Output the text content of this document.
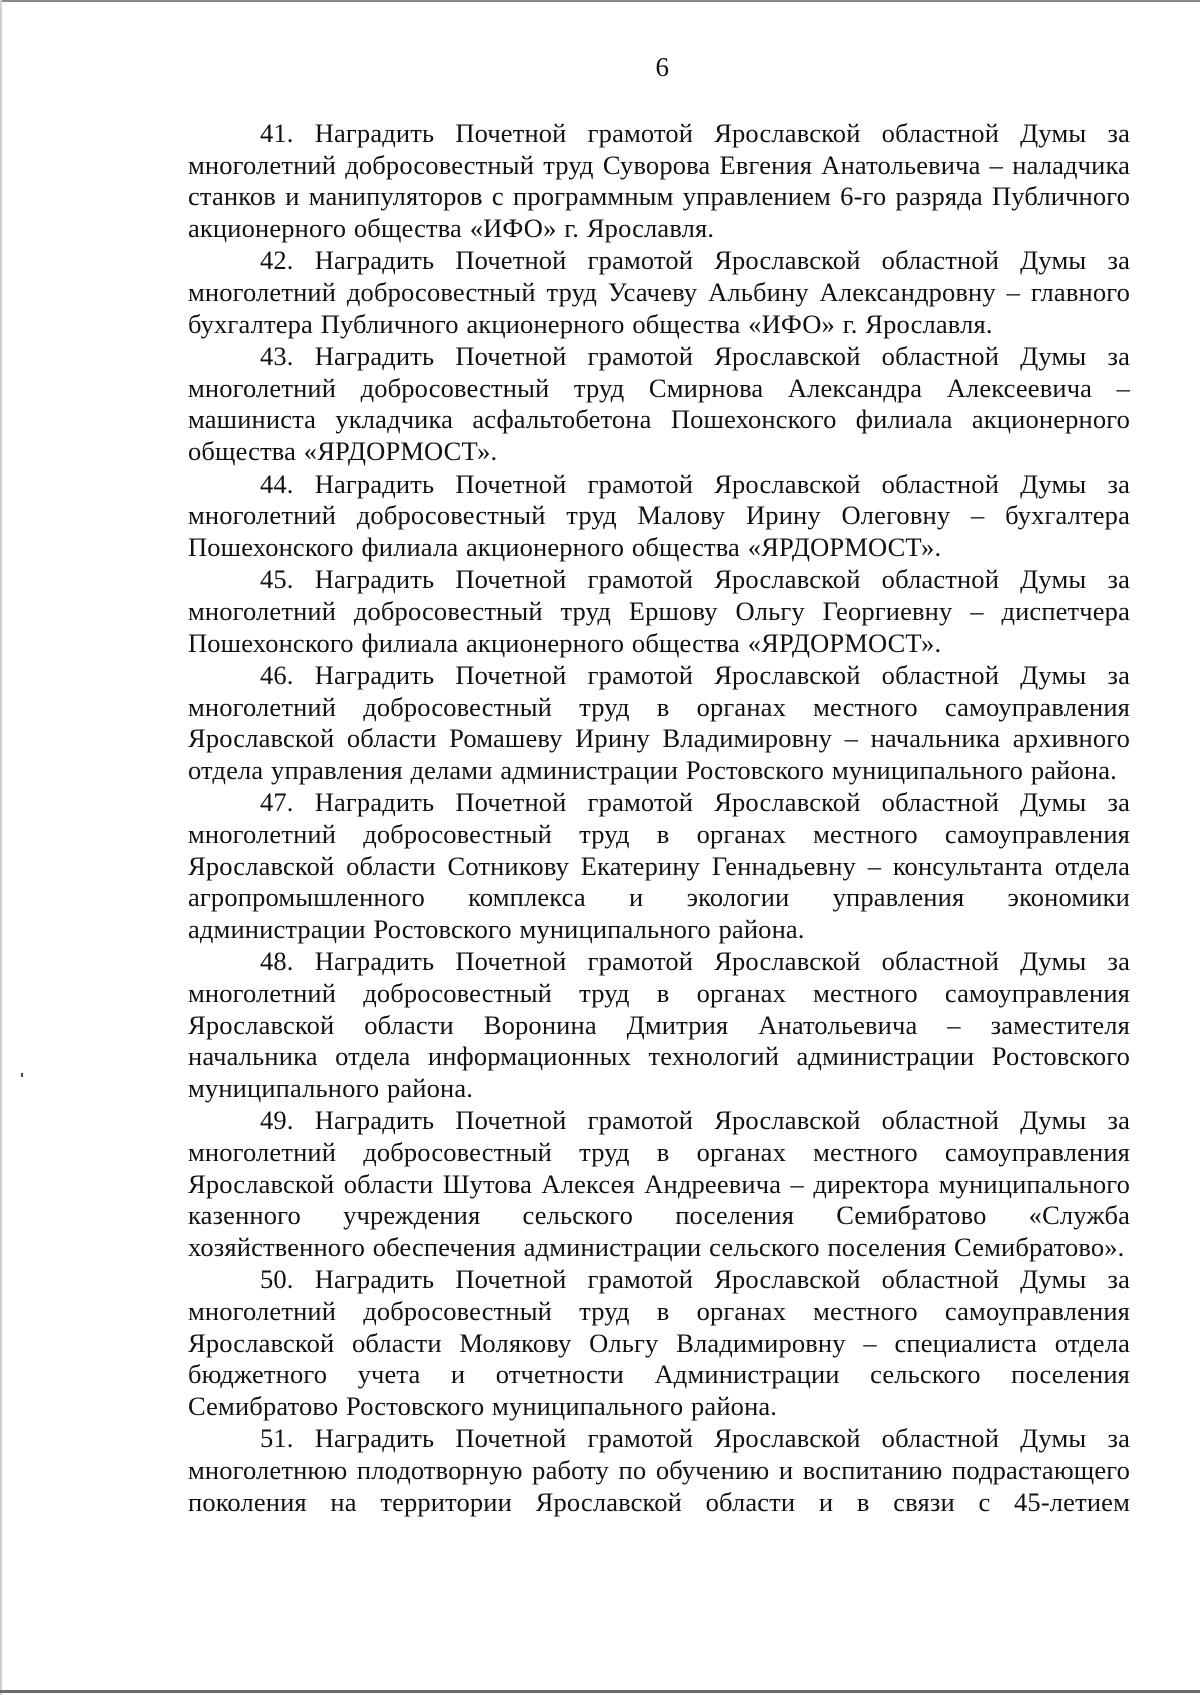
6

41. Наградить Почетной грамотой Ярославской областной Думы за многолетний добросовестный труд Суворова Евгения Анатольевича – наладчика станков и манипуляторов с программным управлением 6-го разряда Публичного акционерного общества «ИФО» г. Ярославля.

42. Наградить Почетной грамотой Ярославской областной Думы за многолетний добросовестный труд Усачеву Альбину Александровну – главного бухгалтера Публичного акционерного общества «ИФО» г. Ярославля.

43. Наградить Почетной грамотой Ярославской областной Думы за многолетний добросовестный труд Смирнова Александра Алексеевича – машиниста укладчика асфальтобетона Пошехонского филиала акционерного общества «ЯРДОРМОСТ».

44. Наградить Почетной грамотой Ярославской областной Думы за многолетний добросовестный труд Малову Ирину Олеговну – бухгалтера Пошехонского филиала акционерного общества «ЯРДОРМОСТ».

45. Наградить Почетной грамотой Ярославской областной Думы за многолетний добросовестный труд Ершову Ольгу Георгиевну – диспетчера Пошехонского филиала акционерного общества «ЯРДОРМОСТ».

46. Наградить Почетной грамотой Ярославской областной Думы за многолетний добросовестный труд в органах местного самоуправления Ярославской области Ромашеву Ирину Владимировну – начальника архивного отдела управления делами администрации Ростовского муниципального района.

47. Наградить Почетной грамотой Ярославской областной Думы за многолетний добросовестный труд в органах местного самоуправления Ярославской области Сотникову Екатерину Геннадьевну – консультанта отдела агропромышленного комплекса и экологии управления экономики администрации Ростовского муниципального района.

48. Наградить Почетной грамотой Ярославской областной Думы за многолетний добросовестный труд в органах местного самоуправления Ярославской области Воронина Дмитрия Анатольевича – заместителя начальника отдела информационных технологий администрации Ростовского муниципального района.

49. Наградить Почетной грамотой Ярославской областной Думы за многолетний добросовестный труд в органах местного самоуправления Ярославской области Шутова Алексея Андреевича – директора муниципального казенного учреждения сельского поселения Семибратово «Служба хозяйственного обеспечения администрации сельского поселения Семибратово».

50. Наградить Почетной грамотой Ярославской областной Думы за многолетний добросовестный труд в органах местного самоуправления Ярославской области Молякову Ольгу Владимировну – специалиста отдела бюджетного учета и отчетности Администрации сельского поселения Семибратово Ростовского муниципального района.

51. Наградить Почетной грамотой Ярославской областной Думы за многолетнюю плодотворную работу по обучению и воспитанию подрастающего поколения на территории Ярославской области и в связи с 45-летием
